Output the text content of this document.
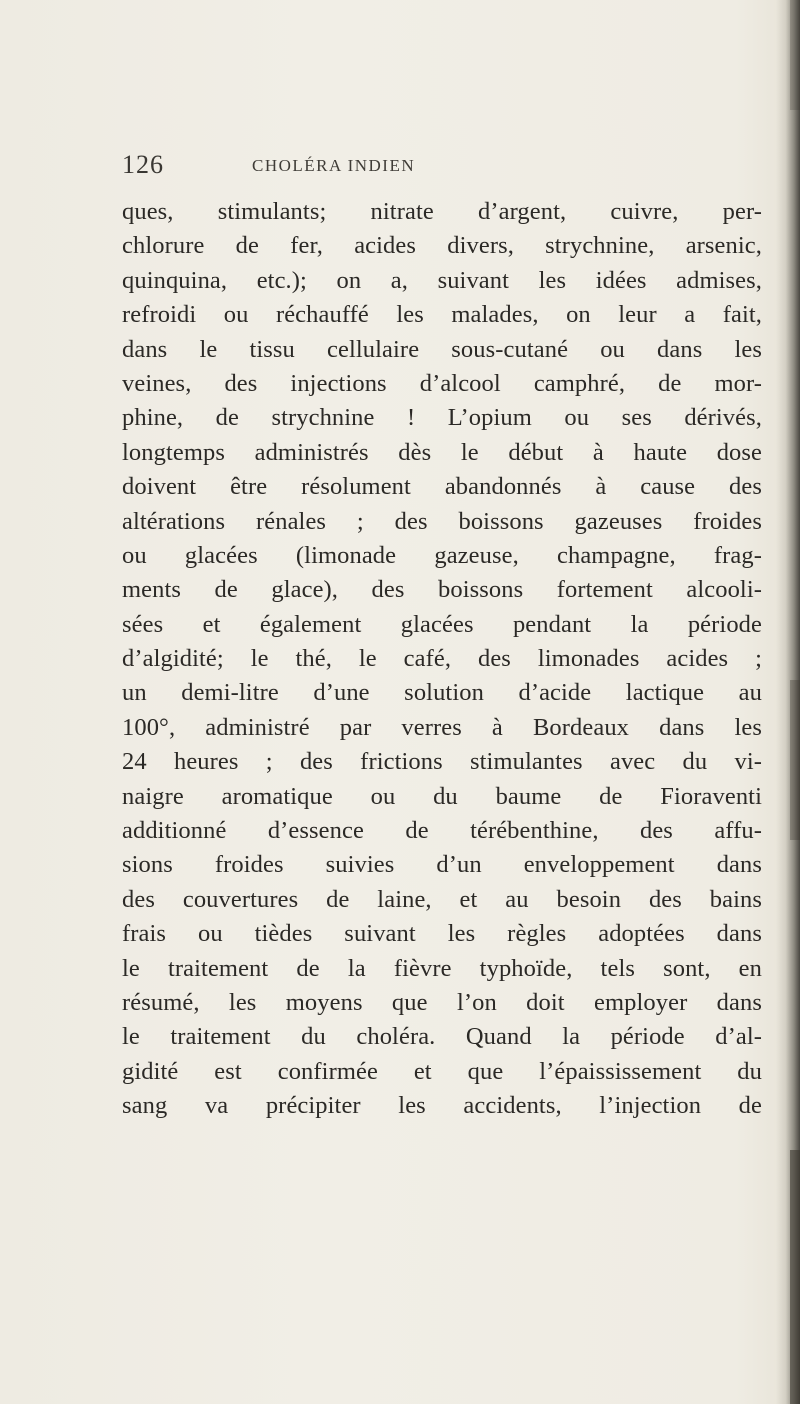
126	CHOLÉRA INDIEN
ques, stimulants; nitrate d’argent, cuivre, per-
chlorure de fer, acides divers, strychnine, arsenic,
quinquina, etc.); on a, suivant les idées admises,
refroidi ou réchauffé les malades, on leur a fait,
dans le tissu cellulaire sous-cutané ou dans les
veines, des injections d’alcool camphré, de mor-
phine, de strychnine ! L’opium ou ses dérivés,
longtemps administrés dès le début à haute dose
doivent être résolument abandonnés à cause des
altérations rénales ; des boissons gazeuses froides
ou glacées (limonade gazeuse, champagne, frag-
ments de glace), des boissons fortement alcooli-
sées et également glacées pendant la période
d’algidité; le thé, le café, des limonades acides ;
un demi-litre d’une solution d’acide lactique au
100°, administré par verres à Bordeaux dans les
24 heures ; des frictions stimulantes avec du vi-
naigre aromatique ou du baume de Fioraventi
additionné d’essence de térébenthine, des affu-
sions froides suivies d’un enveloppement dans
des couvertures de laine, et au besoin des bains
frais ou tièdes suivant les règles adoptées dans
le traitement de la fièvre typhoïde, tels sont, en
résumé, les moyens que l’on doit employer dans
le traitement du choléra. Quand la période d’al-
gidité est confirmée et que l’épaississement du
sang va précipiter les accidents, l’injection de
